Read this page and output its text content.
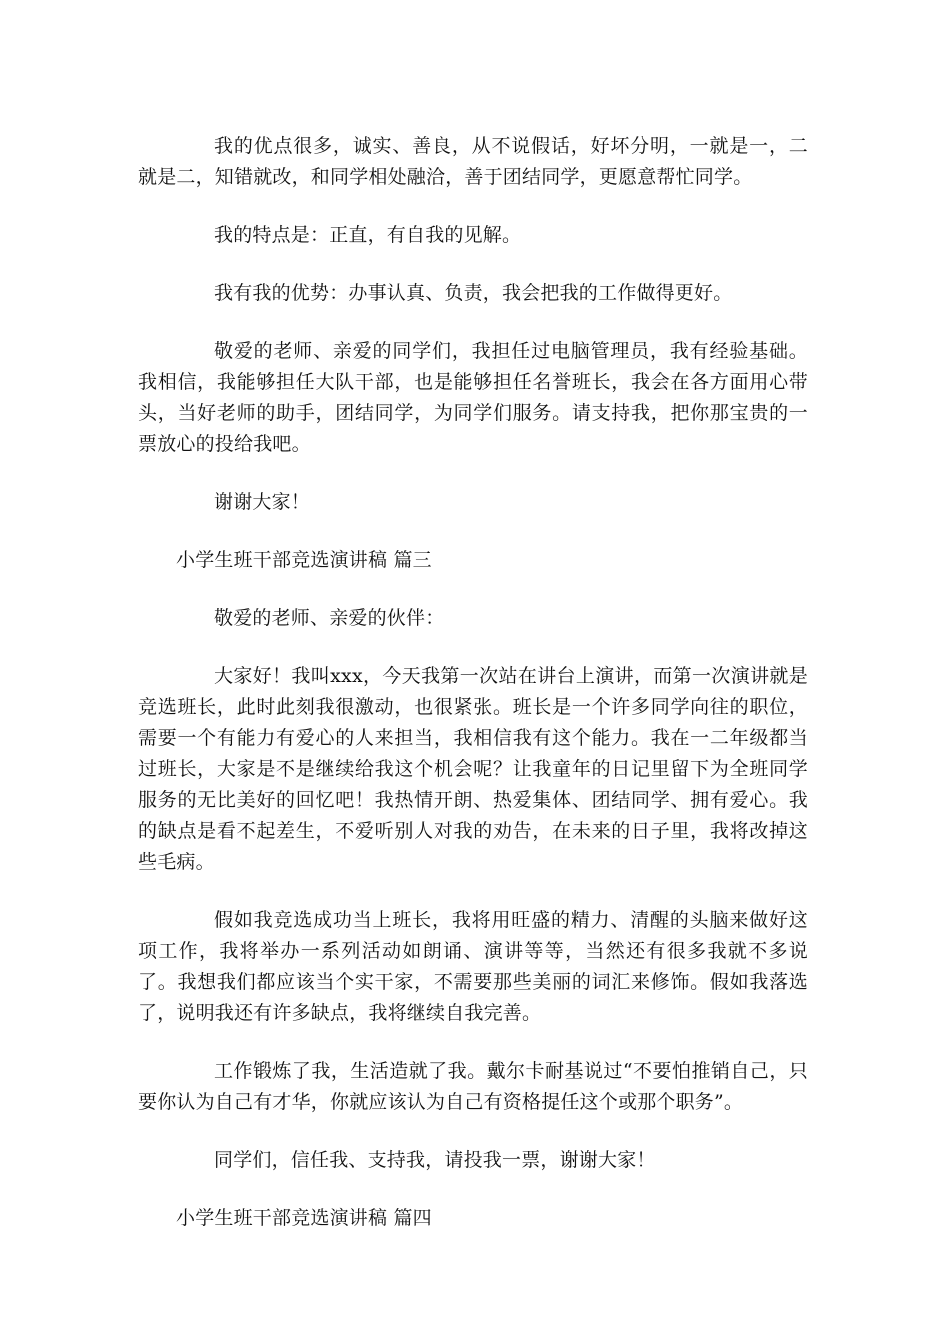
我的优点很多，诚实、善良，从不说假话，好坏分明，一就是一，二就是二，知错就改，和同学相处融洽，善于团结同学，更愿意帮忙同学。

我的特点是：正直，有自我的见解。

我有我的优势：办事认真、负责，我会把我的工作做得更好。

敬爱的老师、亲爱的同学们，我担任过电脑管理员，我有经验基础。我相信，我能够担任大队干部，也是能够担任名誉班长，我会在各方面用心带头，当好老师的助手，团结同学，为同学们服务。请支持我，把你那宝贵的一票放心的投给我吧。

谢谢大家！

小学生班干部竞选演讲稿 篇三

敬爱的老师、亲爱的伙伴：

大家好！我叫xxx，今天我第一次站在讲台上演讲，而第一次演讲就是竞选班长，此时此刻我很激动，也很紧张。班长是一个许多同学向往的职位，需要一个有能力有爱心的人来担当，我相信我有这个能力。我在一二年级都当过班长，大家是不是继续给我这个机会呢？让我童年的日记里留下为全班同学服务的无比美好的回忆吧！我热情开朗、热爱集体、团结同学、拥有爱心。我的缺点是看不起差生，不爱听别人对我的劝告，在未来的日子里，我将改掉这些毛病。

假如我竞选成功当上班长，我将用旺盛的精力、清醒的头脑来做好这项工作，我将举办一系列活动如朗诵、演讲等等，当然还有很多我就不多说了。我想我们都应该当个实干家，不需要那些美丽的词汇来修饰。假如我落选了，说明我还有许多缺点，我将继续自我完善。

工作锻炼了我，生活造就了我。戴尔卡耐基说过“不要怕推销自己，只要你认为自己有才华，你就应该认为自己有资格提任这个或那个职务”。

同学们，信任我、支持我，请投我一票，谢谢大家！

小学生班干部竞选演讲稿 篇四
